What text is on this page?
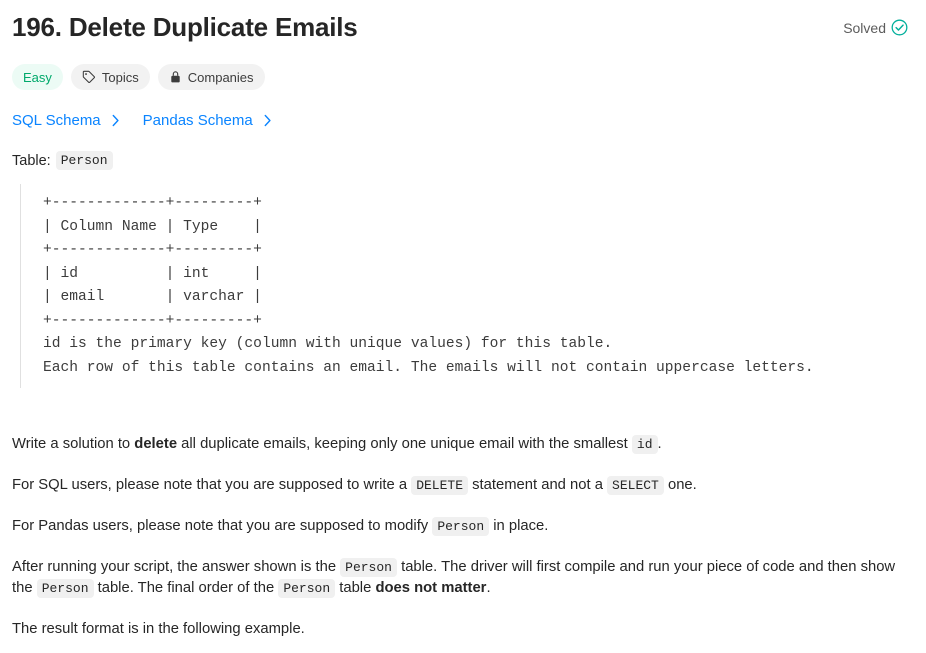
196. Delete Duplicate Emails	Solved
Easy	Topics	Companies
SQL Schema	Pandas Schema
Table: Person
+-------------+---------+
| Column Name | Type    |
+-------------+---------+
| id          | int     |
| email       | varchar |
+-------------+---------+
id is the primary key (column with unique values) for this table.
Each row of this table contains an email. The emails will not contain uppercase letters.

Write a solution to delete all duplicate emails, keeping only one unique email with the smallest id .

For SQL users, please note that you are supposed to write a DELETE statement and not a SELECT one.

For Pandas users, please note that you are supposed to modify Person in place.

After running your script, the answer shown is the Person table. The driver will first compile and run your piece of code and then show the Person table. The final order of the Person table does not matter.

The result format is in the following example.
